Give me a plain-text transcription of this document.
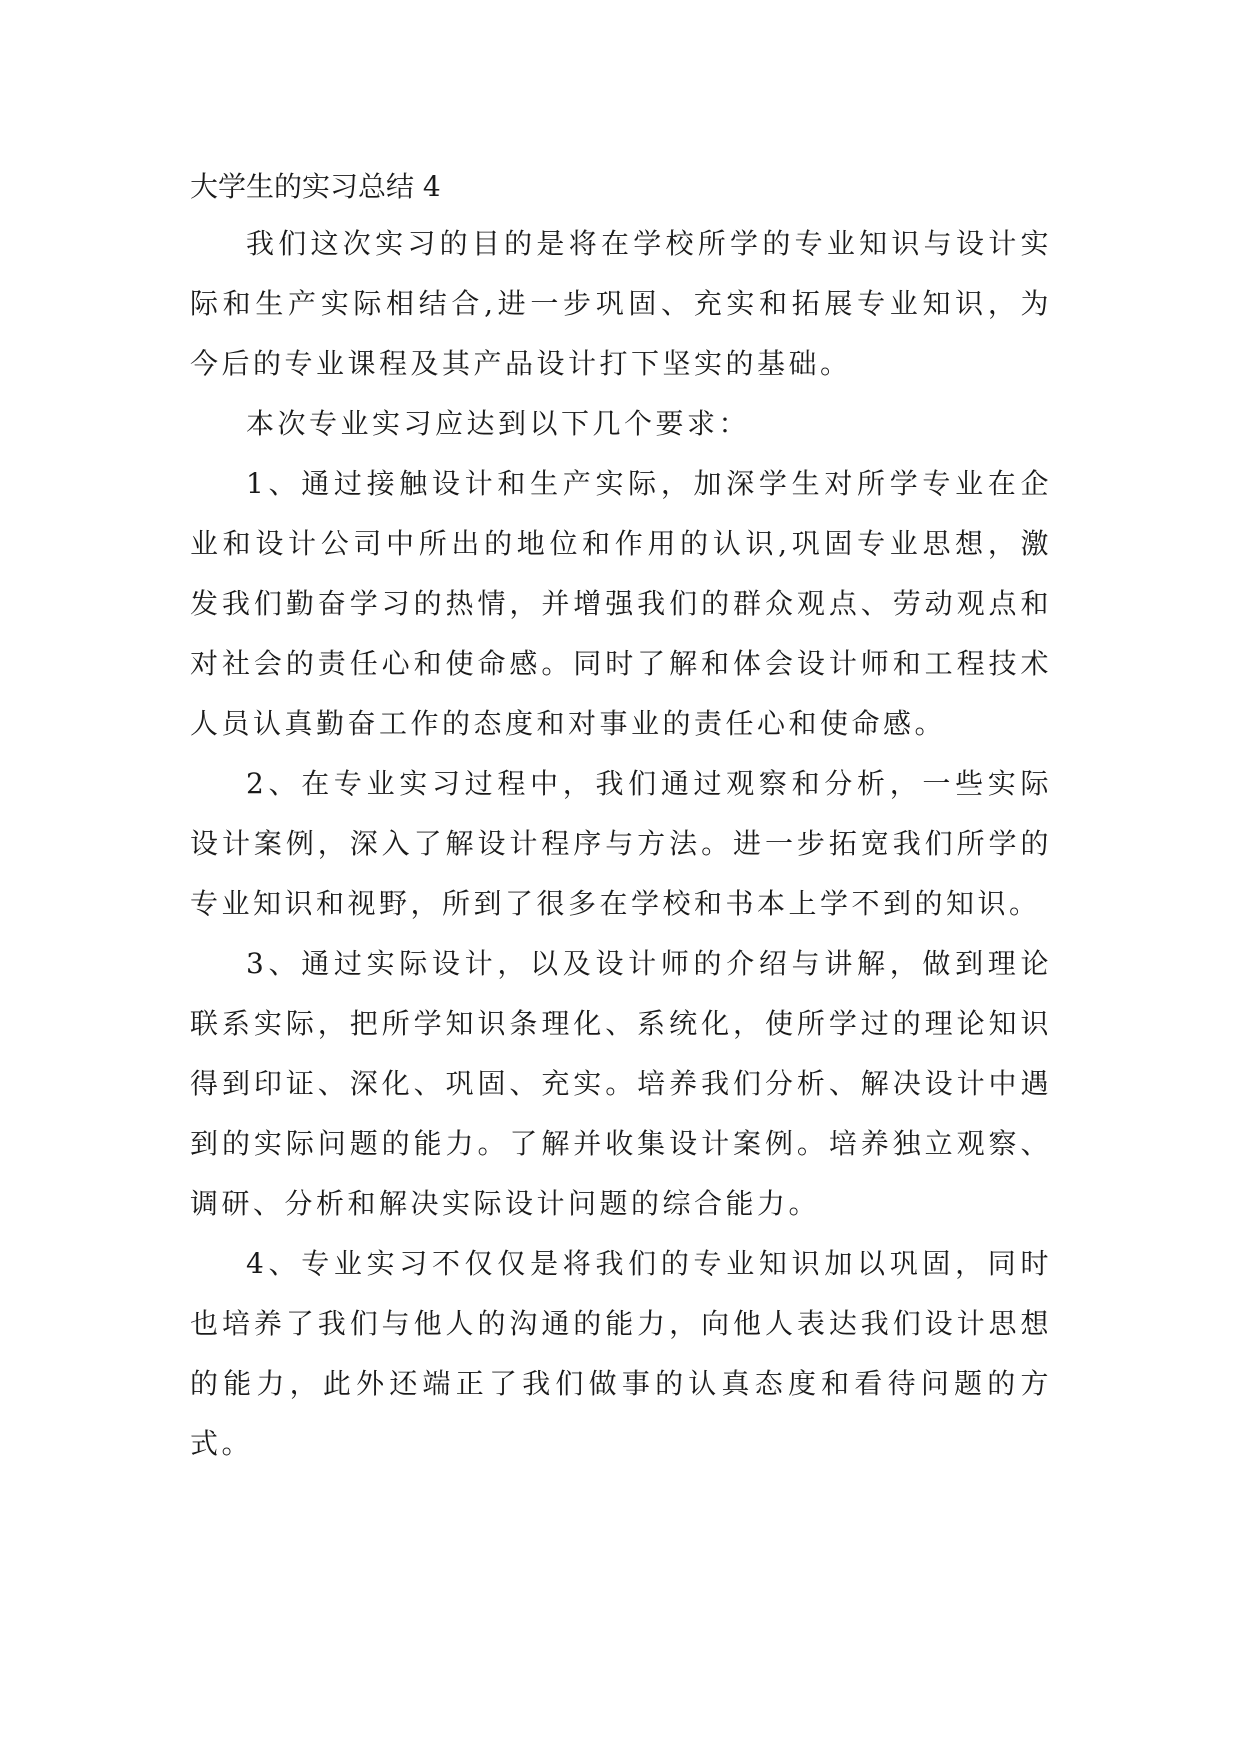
大学生的实习总结 4

我们这次实习的目的是将在学校所学的专业知识与设计实际和生产实际相结合,进一步巩固、充实和拓展专业知识，为今后的专业课程及其产品设计打下坚实的基础。

本次专业实习应达到以下几个要求：

1、通过接触设计和生产实际，加深学生对所学专业在企业和设计公司中所出的地位和作用的认识,巩固专业思想，激发我们勤奋学习的热情，并增强我们的群众观点、劳动观点和对社会的责任心和使命感。同时了解和体会设计师和工程技术人员认真勤奋工作的态度和对事业的责任心和使命感。

2、在专业实习过程中，我们通过观察和分析，一些实际设计案例，深入了解设计程序与方法。进一步拓宽我们所学的专业知识和视野，所到了很多在学校和书本上学不到的知识。

3、通过实际设计，以及设计师的介绍与讲解，做到理论联系实际，把所学知识条理化、系统化，使所学过的理论知识得到印证、深化、巩固、充实。培养我们分析、解决设计中遇到的实际问题的能力。了解并收集设计案例。培养独立观察、调研、分析和解决实际设计问题的综合能力。

4、专业实习不仅仅是将我们的专业知识加以巩固，同时也培养了我们与他人的沟通的能力，向他人表达我们设计思想的能力，此外还端正了我们做事的认真态度和看待问题的方式。
